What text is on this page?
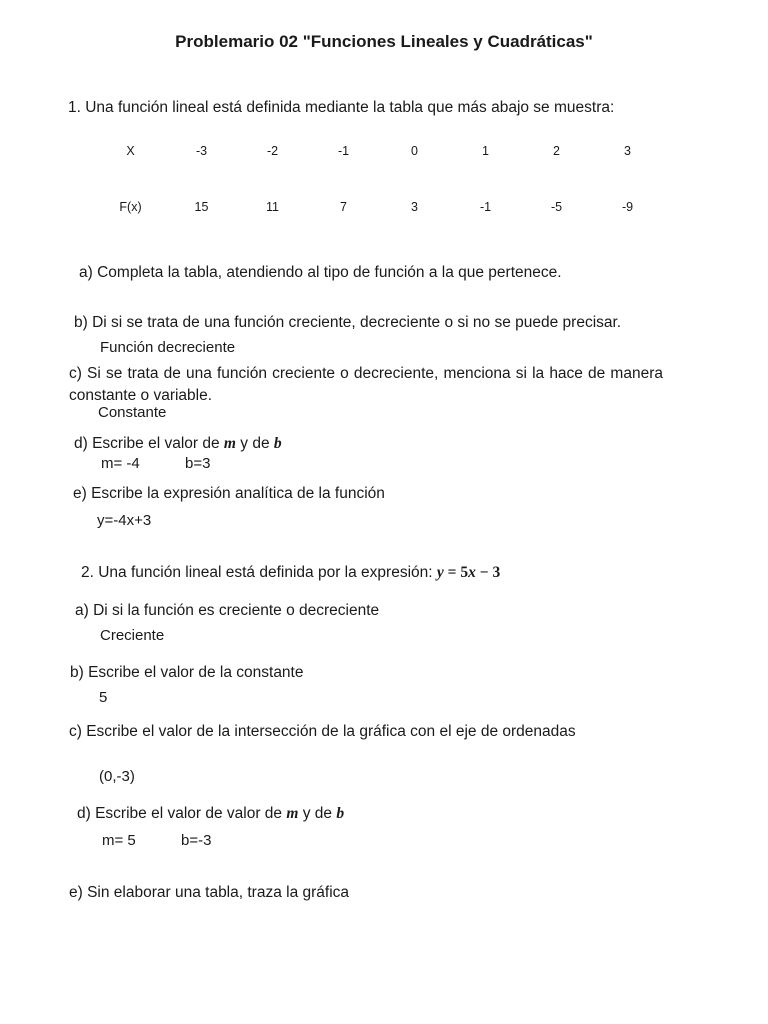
Problemario 02 "Funciones Lineales y Cuadráticas"
1. Una función lineal está definida mediante la tabla que más abajo se muestra:
X	-3	-2	-1	0	1	2	3
F(x)	15	11	7	3	-1	-5	-9
a) Completa la tabla, atendiendo al tipo de función a la que pertenece.
b) Di si se trata de una función creciente, decreciente o si no se puede precisar.
Función decreciente
c) Si se trata de una función creciente o decreciente, menciona si la hace de manera constante o variable.
Constante
d) Escribe el valor de m y de b
m= -4	b=3
e) Escribe la expresión analítica de la función
y=-4x+3
2. Una función lineal está definida por la expresión: y = 5x − 3
a) Di si la función es creciente o decreciente
Creciente
b) Escribe el valor de la constante
5
c) Escribe el valor de la intersección de la gráfica con el eje de ordenadas
(0,-3)
d) Escribe el valor de valor de m y de b
m= 5	b=-3
e) Sin elaborar una tabla, traza la gráfica
